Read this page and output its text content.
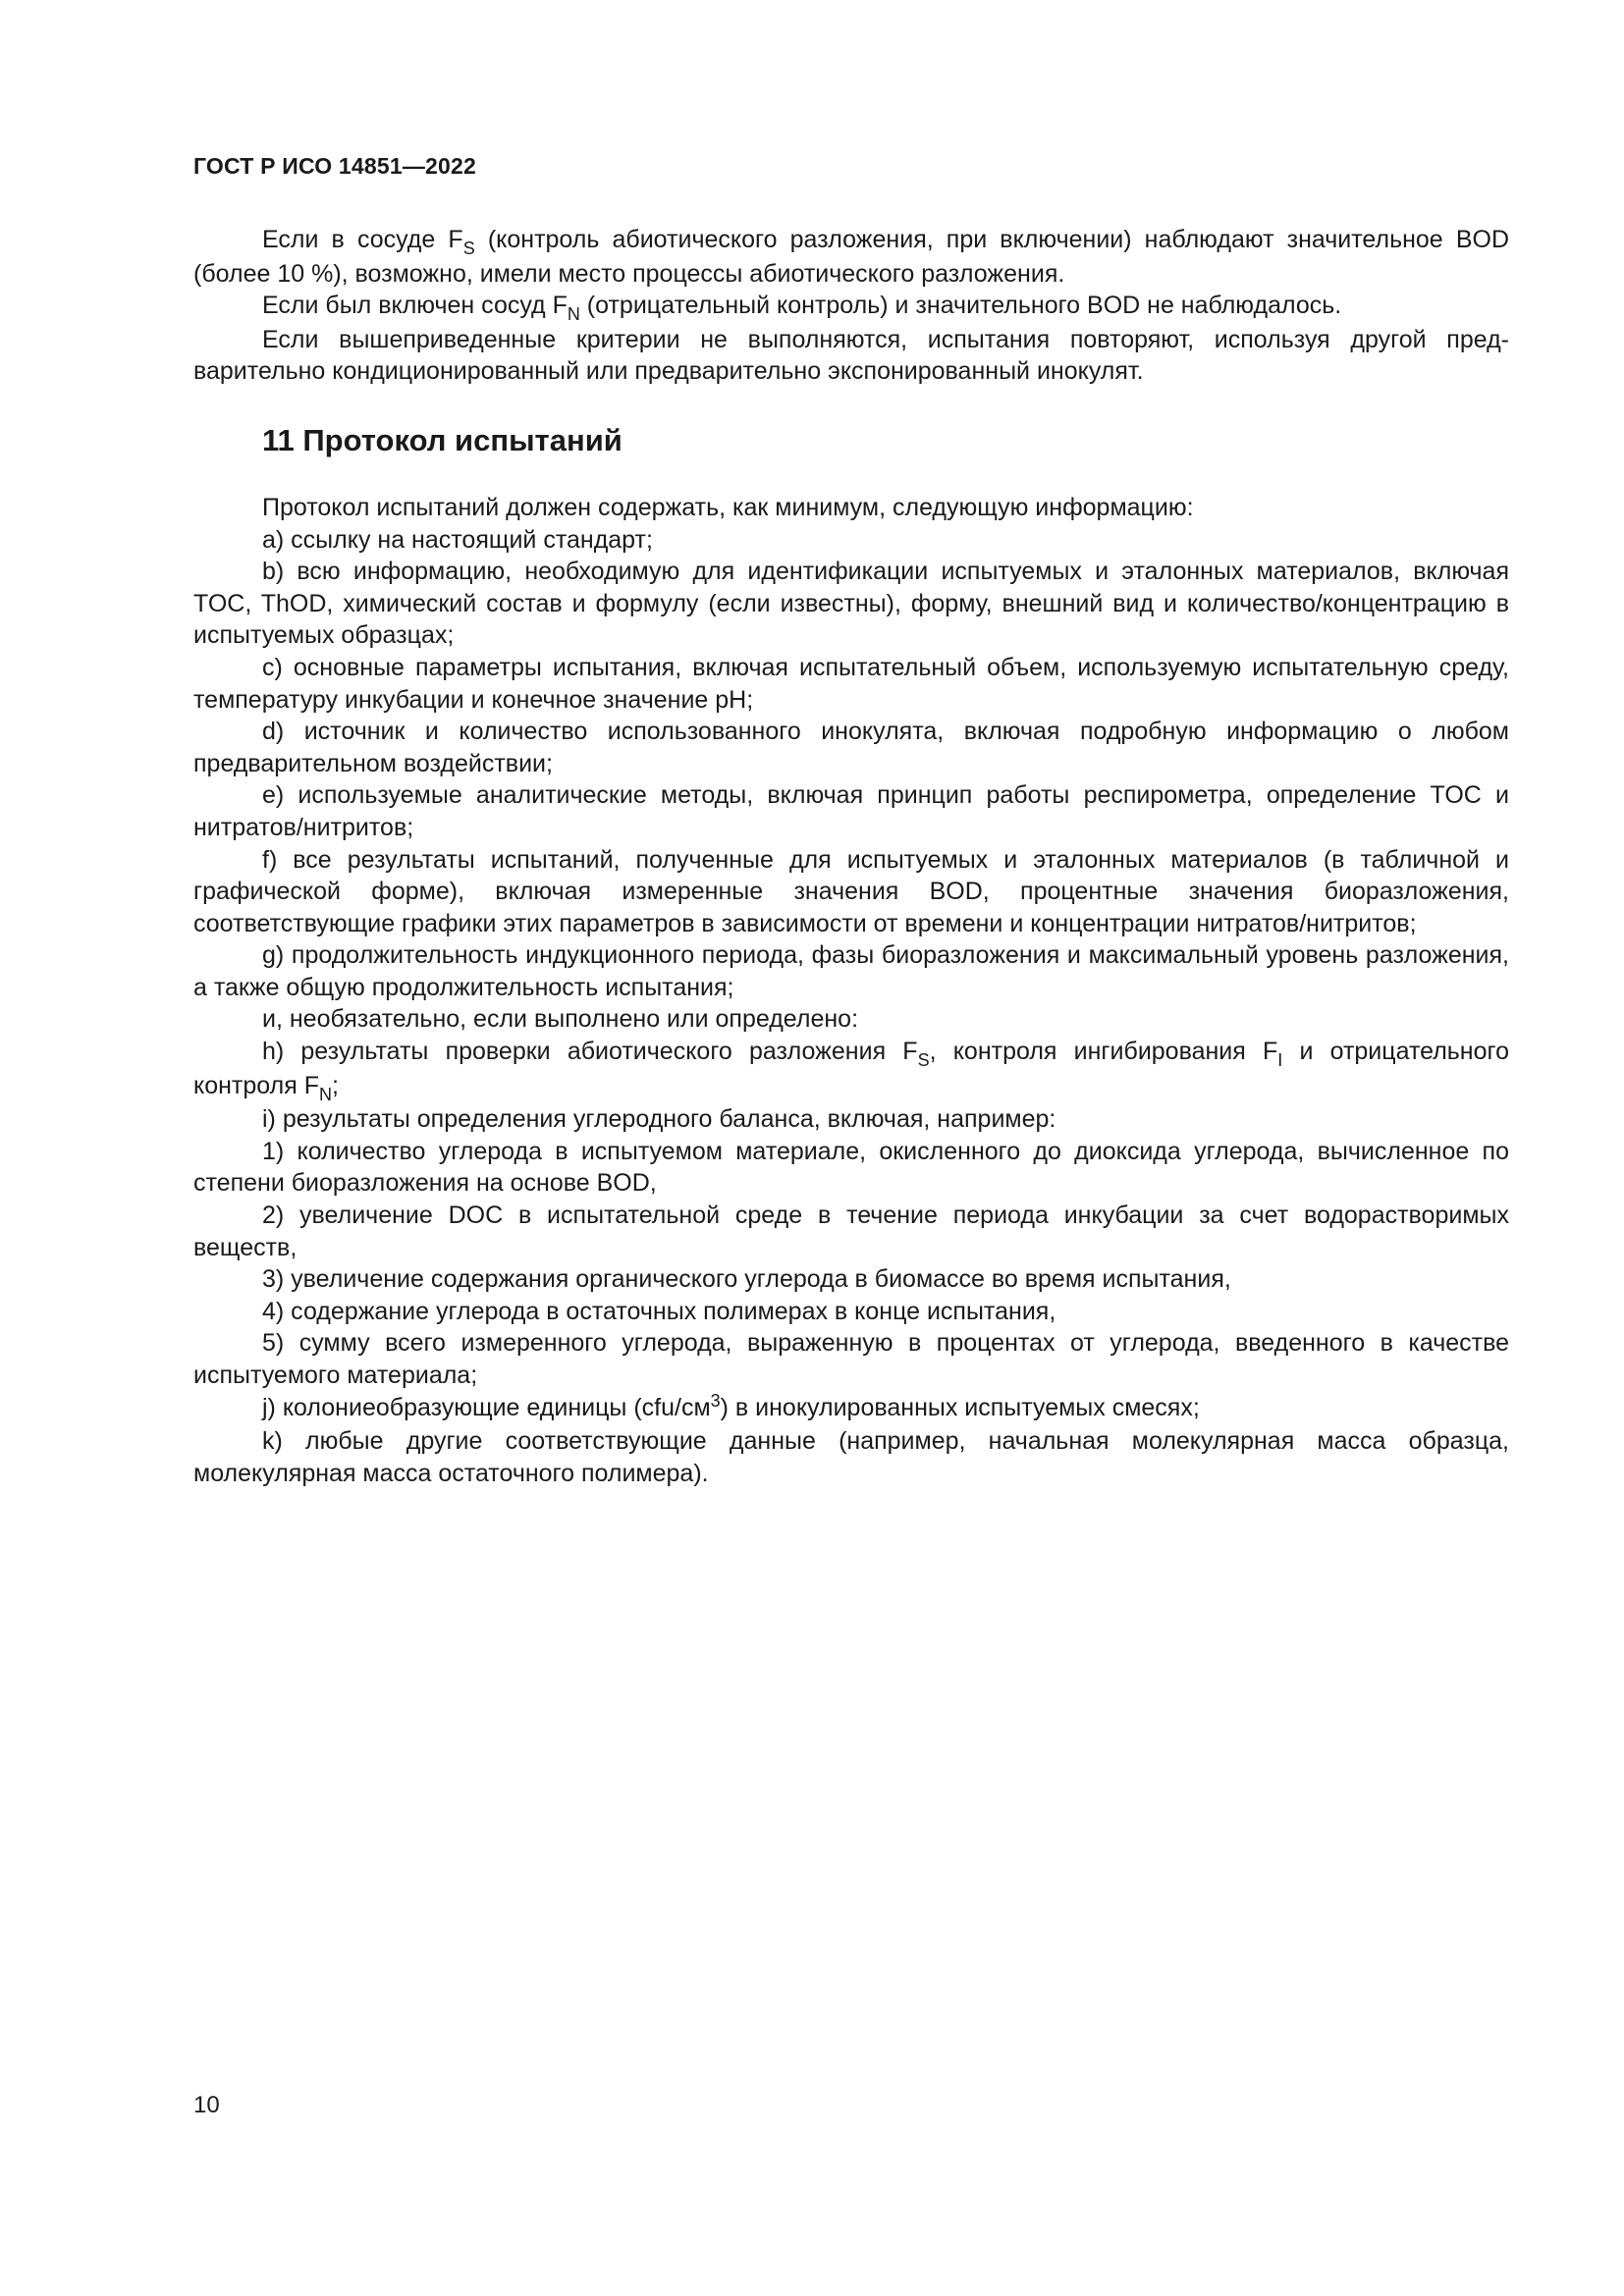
ГОСТ Р ИСО 14851—2022

Если в сосуде $F_S$ (контроль абиотического разложения, при включении) наблюдают значительное BOD (более 10 %), возможно, имели место процессы абиотического разложения.

Если был включен сосуд $F_N$ (отрицательный контроль) и значительного BOD не наблюдалось.

Если вышеприведенные критерии не выполняются, испытания повторяют, используя другой предварительно кондиционированный или предварительно экспонированный инокулят.

11 Протокол испытаний

Протокол испытаний должен содержать, как минимум, следующую информацию:

а) ссылку на настоящий стандарт;

b) всю информацию, необходимую для идентификации испытуемых и эталонных материалов, включая TOC, ThOD, химический состав и формулу (если известны), форму, внешний вид и количество/концентрацию в испытуемых образцах;

c) основные параметры испытания, включая испытательный объем, используемую испытательную среду, температуру инкубации и конечное значение pH;

d) источник и количество использованного инокулята, включая подробную информацию о любом предварительном воздействии;

e) используемые аналитические методы, включая принцип работы респирометра, определение TOC и нитратов/нитритов;

f) все результаты испытаний, полученные для испытуемых и эталонных материалов (в табличной и графической форме), включая измеренные значения BOD, процентные значения биоразложения, соответствующие графики этих параметров в зависимости от времени и концентрации нитратов/нитритов;

g) продолжительность индукционного периода, фазы биоразложения и максимальный уровень разложения, а также общую продолжительность испытания;

и, необязательно, если выполнено или определено:

h) результаты проверки абиотического разложения $F_S$, контроля ингибирования $F_I$ и отрицательного контроля $F_N$;

i) результаты определения углеродного баланса, включая, например:

1) количество углерода в испытуемом материале, окисленного до диоксида углерода, вычисленное по степени биоразложения на основе BOD,

2) увеличение DOC в испытательной среде в течение периода инкубации за счет водорастворимых веществ,

3) увеличение содержания органического углерода в биомассе во время испытания,

4) содержание углерода в остаточных полимерах в конце испытания,

5) сумму всего измеренного углерода, выраженную в процентах от углерода, введенного в качестве испытуемого материала;

j) колониеобразующие единицы $(cfu/см^3)$ в инокулированных испытуемых смесях;

k) любые другие соответствующие данные (например, начальная молекулярная масса образца, молекулярная масса остаточного полимера).

10
